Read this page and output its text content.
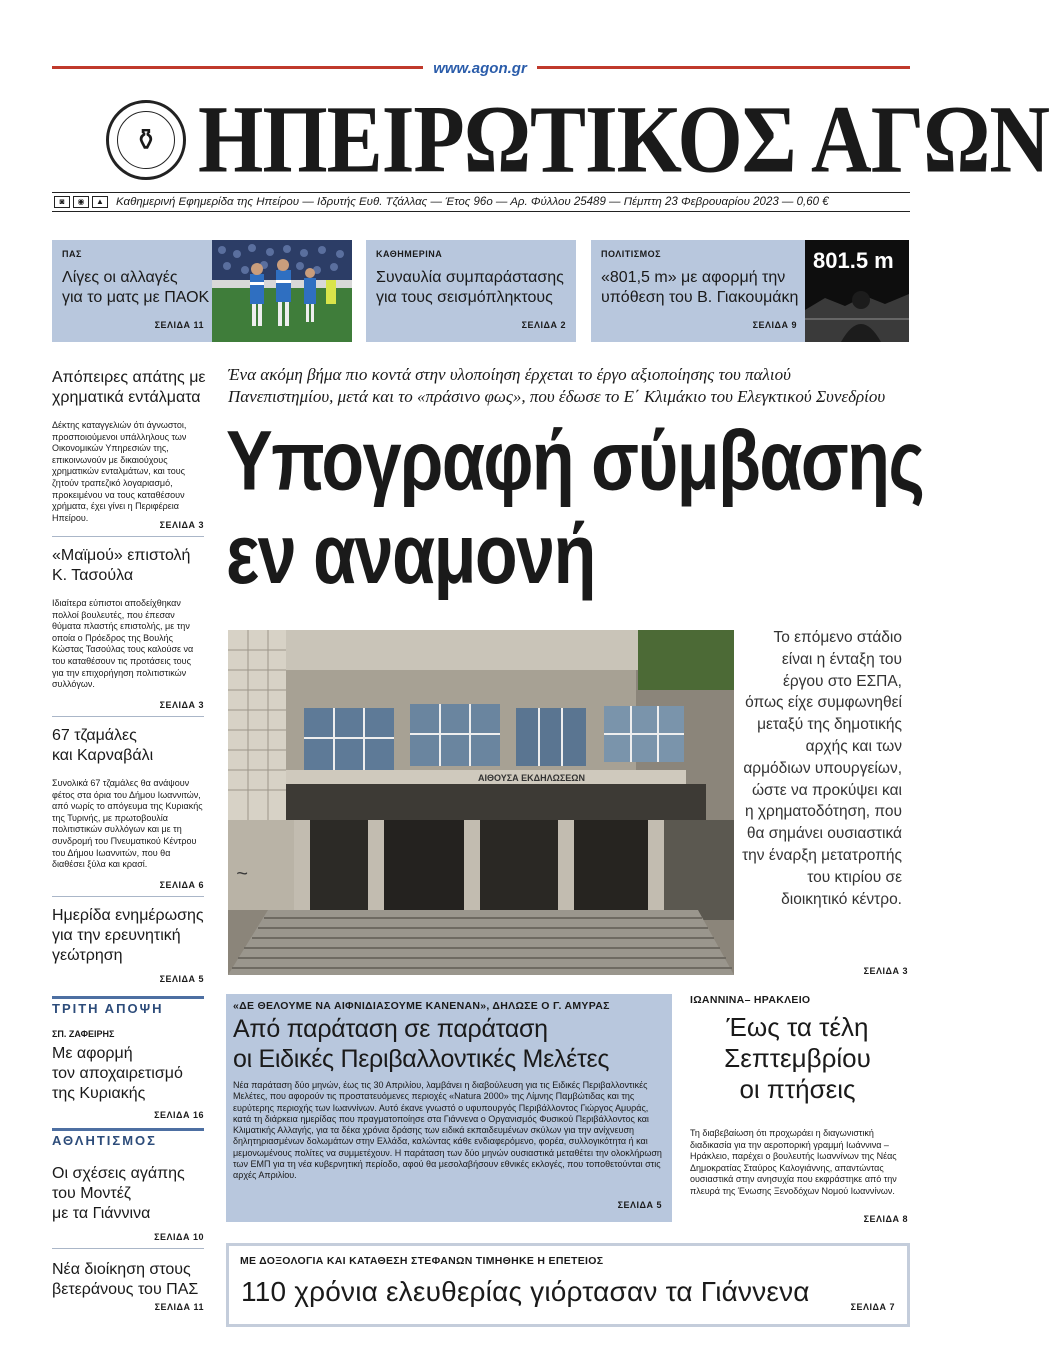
www.agon.gr
⚱ ΗΠΕΙΡΩΤΙΚΟΣ ΑΓΩΝ
◙	◉	▲	Καθημερινή Εφημερίδα της Ηπείρου — Ιδρυτής Ευθ. Τζάλλας — Έτος 96ο — Αρ. Φύλλου 25489 — Πέμπτη 23 Φεβρουαρίου 2023 — 0,60 €
ΠΑΣ
Λίγες οι αλλαγές
για το ματς με ΠΑΟΚ
ΣΕΛΙΔΑ 11
ΚΑΘΗΜΕΡΙΝΑ
Συναυλία συμπαράστασης
για τους σεισμόπληκτους
ΣΕΛΙΔΑ 2
ΠΟΛΙΤΙΣΜΟΣ
«801,5 m» με αφορμή την
υπόθεση του Β. Γιακουμάκη
ΣΕΛΙΔΑ 9
801.5 m
Απόπειρες απάτης με
χρηματικά εντάλματα
Δέκτης καταγγελιών ότι άγνωστοι, προσποιούμενοι υπάλληλους των Οικονομικών Υπηρεσιών της, επικοινωνούν με δικαιούχους χρηματικών ενταλμάτων, και τους ζητούν τραπεζικό λογαριασμό, προκειμένου να τους καταθέσουν χρήματα, έχει γίνει η Περιφέρεια Ηπείρου.
ΣΕΛΙΔΑ 3
«Μαϊμού» επιστολή
Κ. Τασούλα
Ιδιαίτερα εύπιστοι αποδείχθηκαν πολλοί βουλευτές, που έπεσαν θύματα πλαστής επιστολής, με την οποία ο Πρόεδρος της Βουλής Κώστας Τασούλας τους καλούσε να του καταθέσουν τις προτάσεις τους για την επιχορήγηση πολιτιστικών συλλόγων.
ΣΕΛΙΔΑ 3
67 τζαμάλες
και Καρναβάλι
Συνολικά 67 τζαμάλες θα ανάψουν φέτος στα όρια του Δήμου Ιωαννιτών, από νωρίς το απόγευμα της Κυριακής της Τυρινής, με πρωτοβουλία πολιτιστικών συλλόγων και με τη συνδρομή του Πνευματικού Κέντρου του Δήμου Ιωαννιτών, που θα διαθέσει ξύλα και κρασί.
ΣΕΛΙΔΑ 6
Ημερίδα ενημέρωσης
για την ερευνητική
γεώτρηση
ΣΕΛΙΔΑ 5
ΤΡΙΤΗ ΑΠΟΨΗ
ΣΠ. ΖΑΦΕΙΡΗΣ
Με αφορμή
τον αποχαιρετισμό
της Κυριακής
ΣΕΛΙΔΑ 16
ΑΘΛΗΤΙΣΜΟΣ
Οι σχέσεις αγάπης
του Μοντέζ
με τα Γιάννινα
ΣΕΛΙΔΑ 10
Νέα διοίκηση στους
βετεράνους του ΠΑΣ
ΣΕΛΙΔΑ 11
Ένα ακόμη βήμα πιο κοντά στην υλοποίηση έρχεται το έργο αξιοποίησης του παλιού
Πανεπιστημίου, μετά και το «πράσινο φως», που έδωσε το Ε΄ Κλιμάκιο του Ελεγκτικού Συνεδρίου
Υπογραφή σύμβασης
εν αναμονή
ΑΙΘΟΥΣΑ ΕΚΔΗΛΩΣΕΩΝ
~
Το επόμενο στάδιο είναι η ένταξη του έργου στο ΕΣΠΑ, όπως είχε συμφωνηθεί μεταξύ της δημοτικής αρχής και των αρμόδιων υπουργείων, ώστε να προκύψει και η χρηματοδότηση, που θα σημάνει ουσιαστικά την έναρξη μετατροπής του κτιρίου σε διοικητικό κέντρο.
ΣΕΛΙΔΑ 3
«ΔΕ ΘΕΛΟΥΜΕ ΝΑ ΑΙΦΝΙΔΙΑΣΟΥΜΕ ΚΑΝΕΝΑΝ», ΔΗΛΩΣΕ Ο Γ. ΑΜΥΡΑΣ
Από παράταση σε παράταση
οι Ειδικές Περιβαλλοντικές Μελέτες
Νέα παράταση δύο μηνών, έως τις 30 Απριλίου, λαμβάνει η διαβούλευση για τις Ειδικές Περιβαλλοντικές Μελέτες, που αφορούν τις προστατευόμενες περιοχές «Natura 2000» της Λίμνης Παμβώτιδας και της ευρύτερης περιοχής των Ιωαννίνων. Αυτό έκανε γνωστό ο υφυπουργός Περιβάλλοντος Γιώργος Αμυράς, κατά τη διάρκεια ημερίδας που πραγματοποίησε στα Γιάννενα ο Οργανισμός Φυσικού Περιβάλλοντος και Κλιματικής Αλλαγής, για τα δέκα χρόνια δράσης των ειδικά εκπαιδευμένων σκύλων για την ανίχνευση δηλητηριασμένων δολωμάτων στην Ελλάδα, καλώντας κάθε ενδιαφερόμενο, φορέα, συλλογικότητα ή και μεμονωμένους πολίτες να συμμετέχουν. Η παράταση των δύο μηνών ουσιαστικά μεταθέτει την ολοκλήρωση των ΕΜΠ για τη νέα κυβερνητική περίοδο, αφού θα μεσολαβήσουν εθνικές εκλογές, που τοποθετούνται στις αρχές Απριλίου.
ΣΕΛΙΔΑ 5
ΙΩΑΝΝΙΝΑ– ΗΡΑΚΛΕΙΟ
Έως τα τέλη
Σεπτεμβρίου
οι πτήσεις
Τη διαβεβαίωση ότι προχωράει η διαγωνιστική διαδικασία για την αεροπορική γραμμή Ιωάννινα – Ηράκλειο, παρέχει ο βουλευτής Ιωαννίνων της Νέας Δημοκρατίας Σταύρος Καλογιάννης, απαντώντας ουσιαστικά στην ανησυχία που εκφράστηκε από την πλευρά της Ένωσης Ξενοδόχων Νομού Ιωαννίνων.
ΣΕΛΙΔΑ 8
ΜΕ ΔΟΞΟΛΟΓΙΑ ΚΑΙ ΚΑΤΑΘΕΣΗ ΣΤΕΦΑΝΩΝ ΤΙΜΗΘΗΚΕ Η ΕΠΕΤΕΙΟΣ
110 χρόνια ελευθερίας γιόρτασαν τα Γιάννενα	ΣΕΛΙΔΑ 7
